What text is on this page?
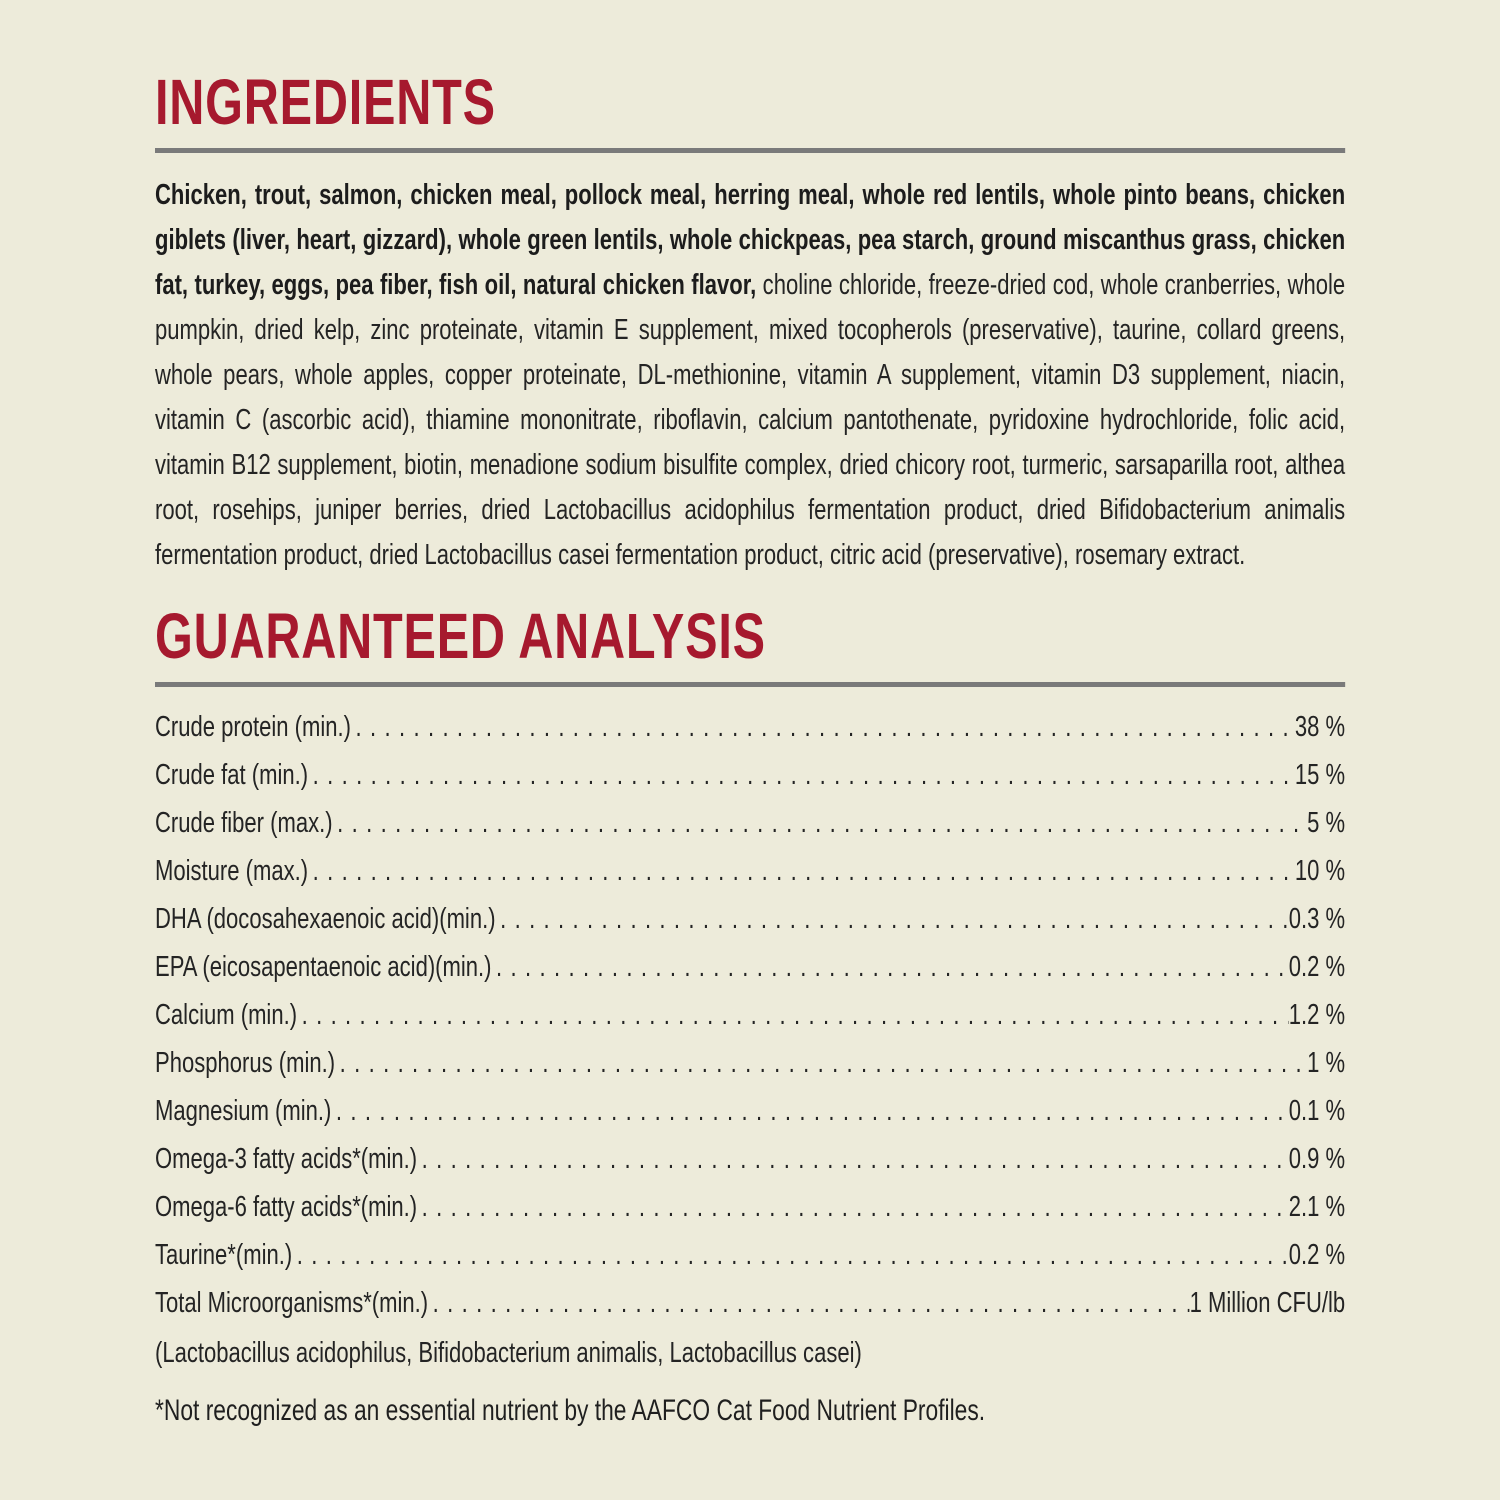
INGREDIENTS

Chicken, trout, salmon, chicken meal, pollock meal, herring meal, whole red lentils, whole pinto beans, chicken giblets (liver, heart, gizzard), whole green lentils, whole chickpeas, pea starch, ground miscanthus grass, chicken fat, turkey, eggs, pea fiber, fish oil, natural chicken flavor, choline chloride, freeze-dried cod, whole cranberries, whole pumpkin, dried kelp, zinc proteinate, vitamin E supplement, mixed tocopherols (preservative), taurine, collard greens, whole pears, whole apples, copper proteinate, DL-methionine, vitamin A supplement, vitamin D3 supplement, niacin, vitamin C (ascorbic acid), thiamine mononitrate, riboflavin, calcium pantothenate, pyridoxine hydrochloride, folic acid, vitamin B12 supplement, biotin, menadione sodium bisulfite complex, dried chicory root, turmeric, sarsaparilla root, althea root, rosehips, juniper berries, dried Lactobacillus acidophilus fermentation product, dried Bifidobacterium animalis fermentation product, dried Lactobacillus casei fermentation product, citric acid (preservative), rosemary extract.

GUARANTEED ANALYSIS
Crude protein (min.) .....	38 %
Crude fat (min.) .....	15 %
Crude fiber (max.) .....	5 %
Moisture (max.) .....	10 %
DHA (docosahexaenoic acid)(min.) .....	0.3 %
EPA (eicosapentaenoic acid)(min.) .....	0.2 %
Calcium (min.) .....	1.2 %
Phosphorus (min.) .....	1 %
Magnesium (min.) .....	0.1 %
Omega-3 fatty acids*(min.) .....	0.9 %
Omega-6 fatty acids*(min.) .....	2.1 %
Taurine*(min.) .....	0.2 %
Total Microorganisms*(min.) .....	1 Million CFU/lb
(Lactobacillus acidophilus, Bifidobacterium animalis, Lactobacillus casei)
*Not recognized as an essential nutrient by the AAFCO Cat Food Nutrient Profiles.
